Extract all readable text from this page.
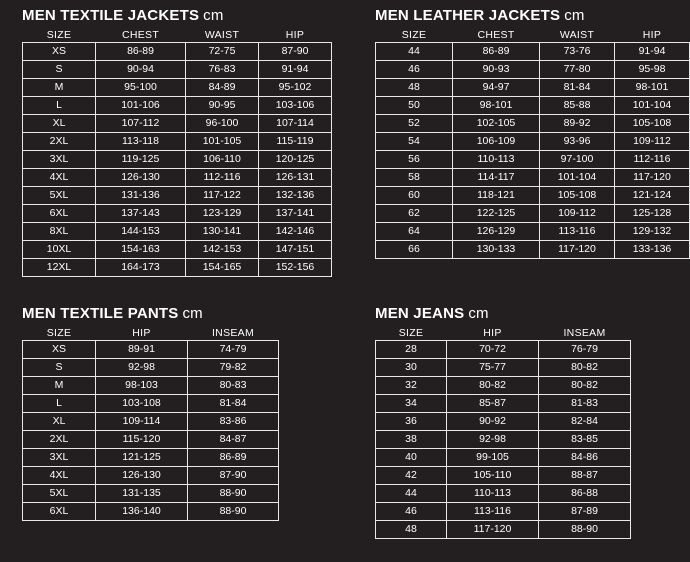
MEN TEXTILE JACKETS cm
SIZE	CHEST	WAIST	HIP
XS	86-89	72-75	87-90
S	90-94	76-83	91-94
M	95-100	84-89	95-102
L	101-106	90-95	103-106
XL	107-112	96-100	107-114
2XL	113-118	101-105	115-119
3XL	119-125	106-110	120-125
4XL	126-130	112-116	126-131
5XL	131-136	117-122	132-136
6XL	137-143	123-129	137-141
8XL	144-153	130-141	142-146
10XL	154-163	142-153	147-151
12XL	164-173	154-165	152-156
MEN LEATHER JACKETS cm
SIZE	CHEST	WAIST	HIP
44	86-89	73-76	91-94
46	90-93	77-80	95-98
48	94-97	81-84	98-101
50	98-101	85-88	101-104
52	102-105	89-92	105-108
54	106-109	93-96	109-112
56	110-113	97-100	112-116
58	114-117	101-104	117-120
60	118-121	105-108	121-124
62	122-125	109-112	125-128
64	126-129	113-116	129-132
66	130-133	117-120	133-136
MEN TEXTILE PANTS cm
SIZE	HIP	INSEAM
XS	89-91	74-79
S	92-98	79-82
M	98-103	80-83
L	103-108	81-84
XL	109-114	83-86
2XL	115-120	84-87
3XL	121-125	86-89
4XL	126-130	87-90
5XL	131-135	88-90
6XL	136-140	88-90
MEN JEANS cm
SIZE	HIP	INSEAM
28	70-72	76-79
30	75-77	80-82
32	80-82	80-82
34	85-87	81-83
36	90-92	82-84
38	92-98	83-85
40	99-105	84-86
42	105-110	88-87
44	110-113	86-88
46	113-116	87-89
48	117-120	88-90
